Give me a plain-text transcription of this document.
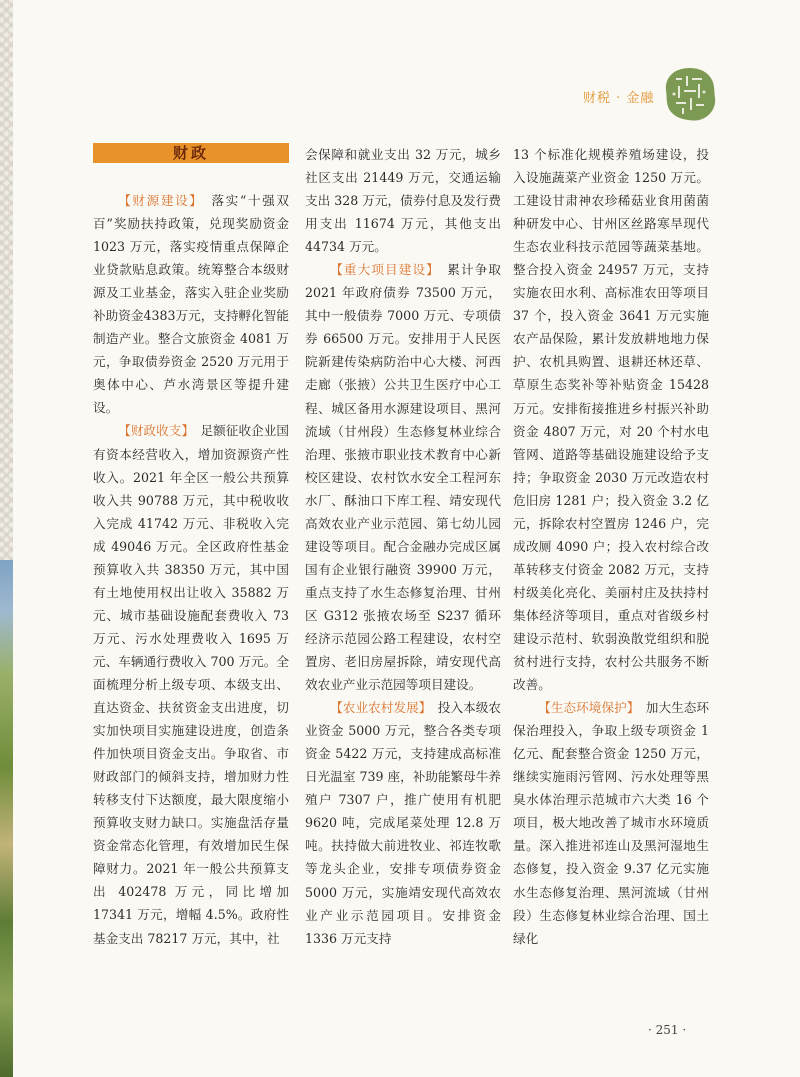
财税 · 金融
财政

【财源建设】　落实“十强双百”奖励扶持政策，兑现奖励资金 1023 万元，落实疫情重点保障企业贷款贴息政策。统筹整合本级财源及工业基金，落实入驻企业奖励补助资金4383万元，支持孵化智能制造产业。整合文旅资金 4081 万元，争取债券资金 2520 万元用于奥体中心、芦水湾景区等提升建设。

【财政收支】　足额征收企业国有资本经营收入，增加资源资产性收入。2021 年全区一般公共预算收入共 90788 万元，其中税收收入完成 41742 万元、非税收入完成 49046 万元。全区政府性基金预算收入共 38350 万元，其中国有土地使用权出让收入 35882 万元、城市基础设施配套费收入 73 万元、污水处理费收入 1695 万元、车辆通行费收入 700 万元。全面梳理分析上级专项、本级支出、直达资金、扶贫资金支出进度，切实加快项目实施建设进度，创造条件加快项目资金支出。争取省、市财政部门的倾斜支持，增加财力性转移支付下达额度，最大限度缩小预算收支财力缺口。实施盘活存量资金常态化管理，有效增加民生保障财力。2021 年一般公共预算支出 402478 万元，同比增加 17341 万元，增幅 4.5%。政府性基金支出 78217 万元，其中，社

会保障和就业支出 32 万元，城乡社区支出 21449 万元，交通运输支出 328 万元，债券付息及发行费用支出 11674 万元，其他支出 44734 万元。

【重大项目建设】　累计争取 2021 年政府债券 73500 万元，其中一般债券 7000 万元、专项债券 66500 万元。安排用于人民医院新建传染病防治中心大楼、河西走廊（张掖）公共卫生医疗中心工程、城区备用水源建设项目、黑河流域（甘州段）生态修复林业综合治理、张掖市职业技术教育中心新校区建设、农村饮水安全工程河东水厂、酥油口下库工程、靖安现代高效农业产业示范园、第七幼儿园建设等项目。配合金融办完成区属国有企业银行融资 39900 万元，重点支持了水生态修复治理、甘州区 G312 张掖农场至 S237 循环经济示范园公路工程建设，农村空置房、老旧房屋拆除，靖安现代高效农业产业示范园等项目建设。

【农业农村发展】　投入本级农业资金 5000 万元，整合各类专项资金 5422 万元，支持建成高标准日光温室 739 座，补助能繁母牛养殖户 7307 户，推广使用有机肥 9620 吨，完成尾菜处理 12.8 万吨。扶持做大前进牧业、祁连牧歌等龙头企业，安排专项债券资金 5000 万元，实施靖安现代高效农业产业示范园项目。安排资金 1336 万元支持

13 个标准化规模养殖场建设，投入设施蔬菜产业资金 1250 万元。工建设甘肃神农珍稀菇业食用菌菌种研发中心、甘州区丝路寒旱现代生态农业科技示范园等蔬菜基地。整合投入资金 24957 万元，支持实施农田水利、高标准农田等项目 37 个，投入资金 3641 万元实施农产品保险，累计发放耕地地力保护、农机具购置、退耕还林还草、草原生态奖补等补贴资金 15428 万元。安排衔接推进乡村振兴补助资金 4807 万元，对 20 个村水电管网、道路等基础设施建设给予支持；争取资金 2030 万元改造农村危旧房 1281 户；投入资金 3.2 亿元，拆除农村空置房 1246 户，完成改厕 4090 户；投入农村综合改革转移支付资金 2082 万元，支持村级美化亮化、美丽村庄及扶持村集体经济等项目，重点对省级乡村建设示范村、软弱涣散党组织和脱贫村进行支持，农村公共服务不断改善。

【生态环境保护】　加大生态环保治理投入，争取上级专项资金 1 亿元、配套整合资金 1250 万元，继续实施雨污管网、污水处理等黑臭水体治理示范城市六大类 16 个项目，极大地改善了城市水环境质量。深入推进祁连山及黑河湿地生态修复，投入资金 9.37 亿元实施水生态修复治理、黑河流域（甘州段）生态修复林业综合治理、国土绿化

· 251 ·
